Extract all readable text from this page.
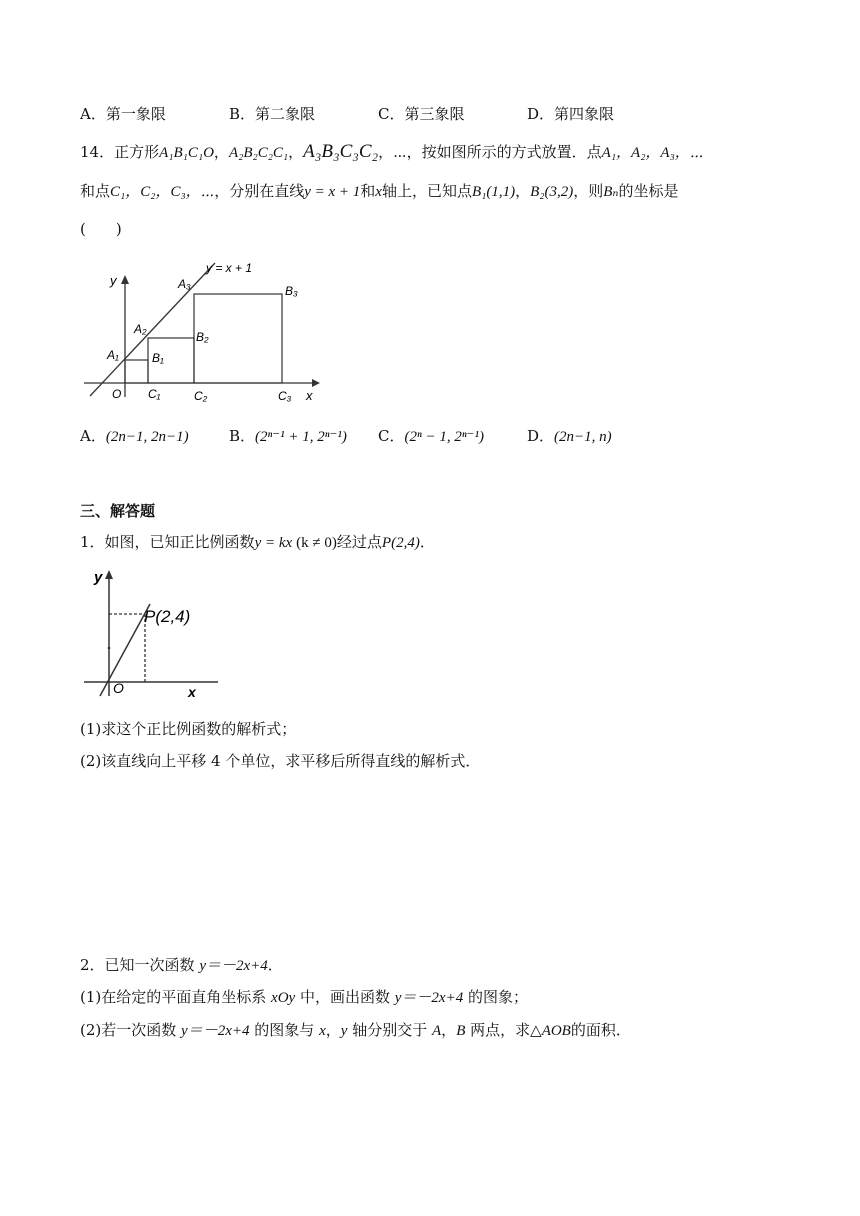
A．第一象限	B．第二象限	C．第三象限	D．第四象限
14．正方形A₁B₁C₁O，A₂B₂C₂C₁，A₃B₃C₃C₂，⋯，按如图所示的方式放置．点A₁，A₂，A₃，⋯
和点C₁，C₂，C₃，⋯，分别在直线y = x + 1和x轴上，已知点B₁(1,1)，B₂(3,2)，则Bₙ的坐标是
(　　)
y = x + 1
y
x
O
A₁
A₂
A₃
B₁
B₂
B₃
C₁	C₂	C₃
A．(2n−1, 2n−1)	B．(2ⁿ⁻¹ + 1, 2ⁿ⁻¹) C．(2ⁿ − 1, 2ⁿ⁻¹)	D．(2n−1, n)
三、解答题
1．如图，已知正比例函数y = kx (k ≠ 0)经过点P(2,4)．
y
x
O
P(2,4)
(1)求这个正比例函数的解析式；
(2)该直线向上平移 4 个单位，求平移后所得直线的解析式．
2．已知一次函数 y＝－2x+4．
(1)在给定的平面直角坐标系 xOy 中，画出函数 y＝－2x+4 的图象；
(2)若一次函数 y＝－2x+4 的图象与 x，y 轴分别交于 A，B 两点，求△AOB的面积．
